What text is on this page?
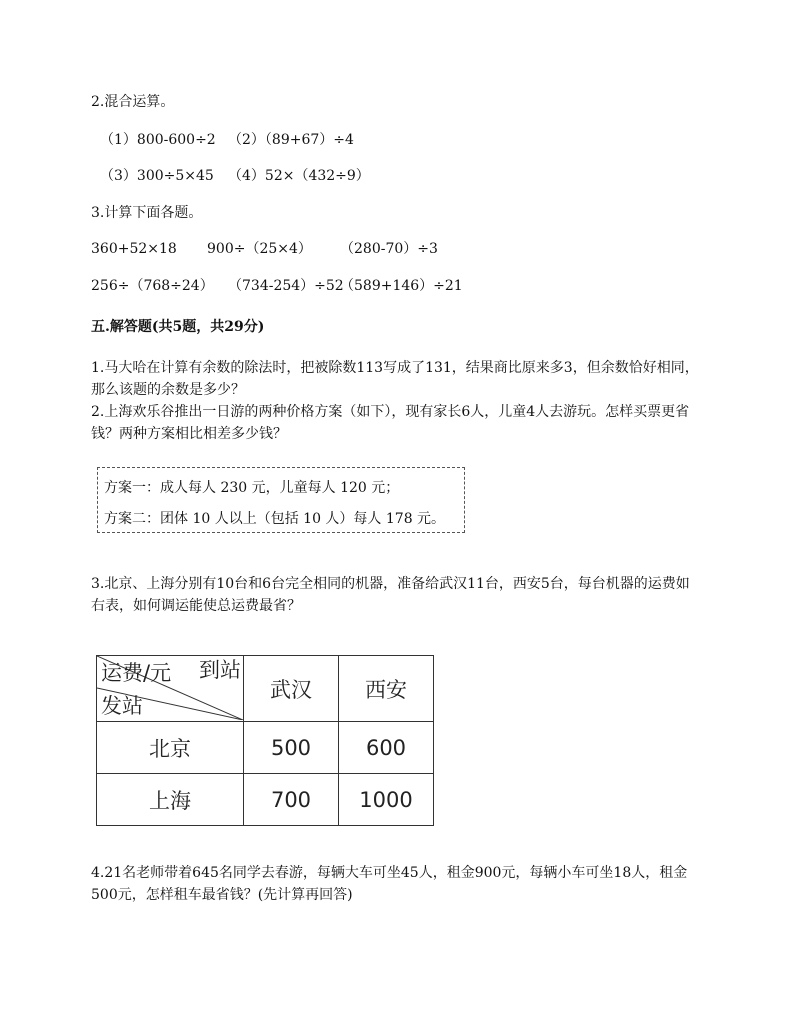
2.混合运算。
（1）800-600÷2 （2）（89+67）÷4
（3）300÷5×45 （4）52×（432÷9）
3.计算下面各题。
360+52×18 900÷（25×4） （280-70）÷3
256÷（768÷24） （734-254）÷52
（589+146）÷21
五.解答题(共5题，共29分)
1.马大哈在计算有余数的除法时，把被除数113写成了131，结果商比原来多3，但余数恰好相同，那么该题的余数是多少？
2.上海欢乐谷推出一日游的两种价格方案（如下），现有家长6人，儿童4人去游玩。怎样买票更省钱？两种方案相比相差多少钱？
方案一：成人每人 230 元，儿童每人 120 元；
方案二：团体 10 人以上（包括 10 人）每人 178 元。
3.北京、上海分别有10台和6台完全相同的机器，准备给武汉11台，西安5台，每台机器的运费如右表，如何调运能使总运费最省？
运费/元 到站
发站	武汉	西安
北京	500	600
上海	700	1000
4.21名老师带着645名同学去春游，每辆大车可坐45人，租金900元，每辆小车可坐18人，租金500元，怎样租车最省钱？(先计算再回答)
